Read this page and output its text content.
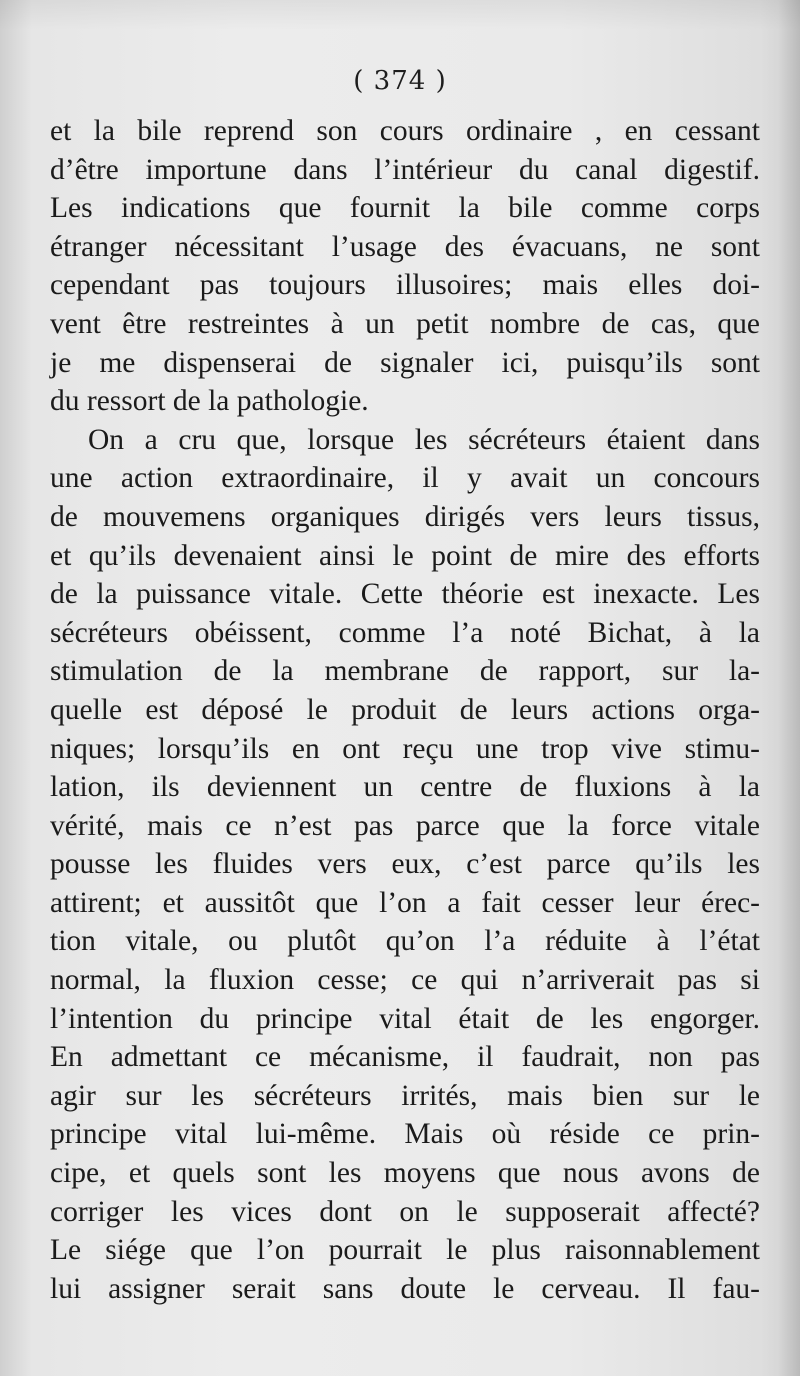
( 374 )
et la bile reprend son cours ordinaire , en cessant
d’être importune dans l’intérieur du canal digestif.
Les indications que fournit la bile comme corps
étranger nécessitant l’usage des évacuans, ne sont
cependant pas toujours illusoires; mais elles doi-
vent être restreintes à un petit nombre de cas, que
je me dispenserai de signaler ici, puisqu’ils sont
du ressort de la pathologie.
On a cru que, lorsque les sécréteurs étaient dans
une action extraordinaire, il y avait un concours
de mouvemens organiques dirigés vers leurs tissus,
et qu’ils devenaient ainsi le point de mire des efforts
de la puissance vitale. Cette théorie est inexacte. Les
sécréteurs obéissent, comme l’a noté Bichat, à la
stimulation de la membrane de rapport, sur la-
quelle est déposé le produit de leurs actions orga-
niques; lorsqu’ils en ont reçu une trop vive stimu-
lation, ils deviennent un centre de fluxions à la
vérité, mais ce n’est pas parce que la force vitale
pousse les fluides vers eux, c’est parce qu’ils les
attirent; et aussitôt que l’on a fait cesser leur érec-
tion vitale, ou plutôt qu’on l’a réduite à l’état
normal, la fluxion cesse; ce qui n’arriverait pas si
l’intention du principe vital était de les engorger.
En admettant ce mécanisme, il faudrait, non pas
agir sur les sécréteurs irrités, mais bien sur le
principe vital lui-même. Mais où réside ce prin-
cipe, et quels sont les moyens que nous avons de
corriger les vices dont on le supposerait affecté?
Le siége que l’on pourrait le plus raisonnablement
lui assigner serait sans doute le cerveau. Il fau-
